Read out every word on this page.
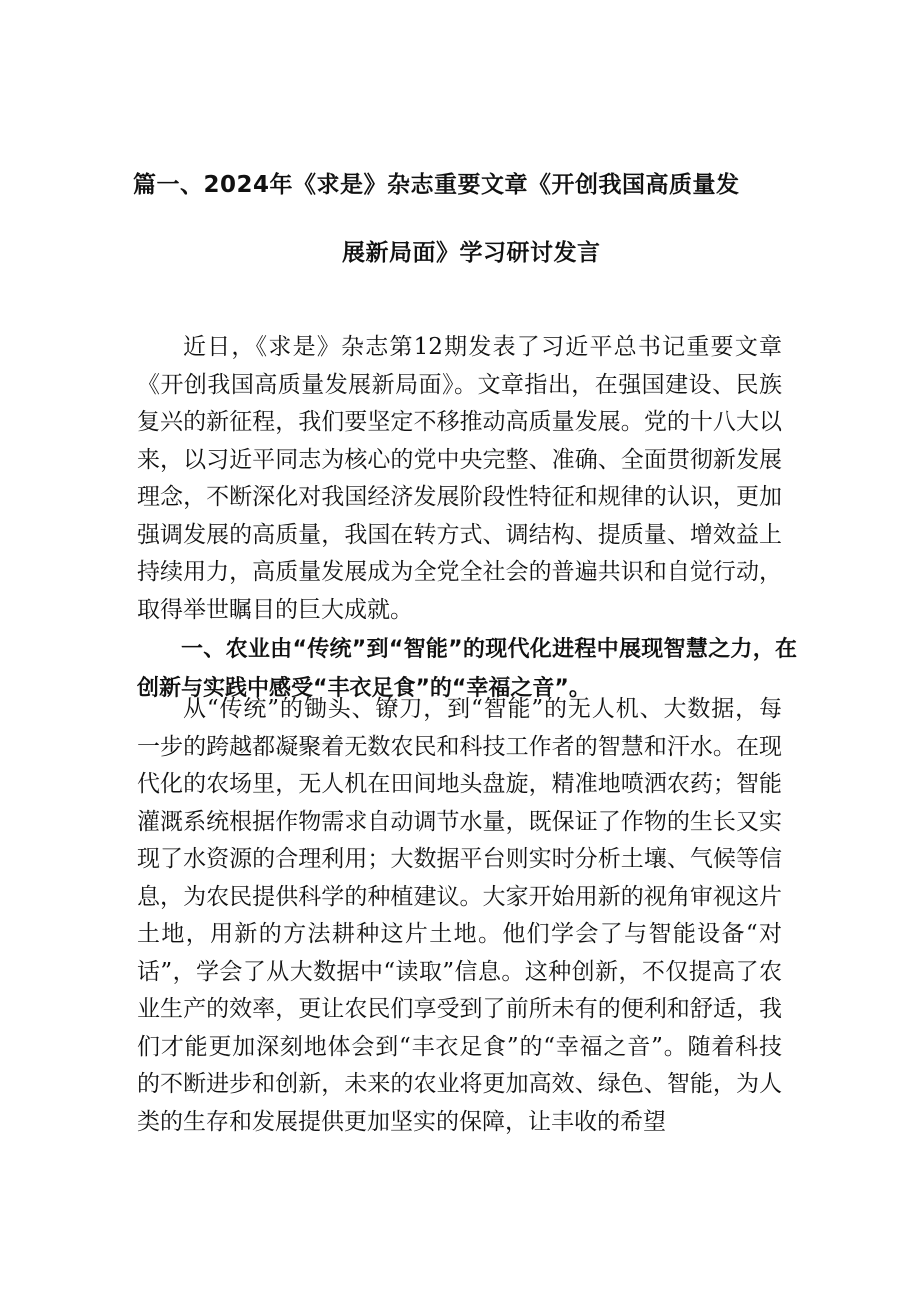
篇一、2024年《求是》杂志重要文章《开创我国高质量发
展新局面》学习研讨发言

近日，《求是》杂志第12期发表了习近平总书记重要文章《开创我国高质量发展新局面》。文章指出，在强国建设、民族复兴的新征程，我们要坚定不移推动高质量发展。党的十八大以来，以习近平同志为核心的党中央完整、准确、全面贯彻新发展理念，不断深化对我国经济发展阶段性特征和规律的认识，更加强调发展的高质量，我国在转方式、调结构、提质量、增效益上持续用力，高质量发展成为全党全社会的普遍共识和自觉行动，取得举世瞩目的巨大成就。

一、农业由“传统”到“智能”的现代化进程中展现智慧之力，在创新与实践中感受“丰衣足食”的“幸福之音”。

从“传统”的锄头、镣刀，到“智能”的无人机、大数据，每一步的跨越都凝聚着无数农民和科技工作者的智慧和汗水。在现代化的农场里，无人机在田间地头盘旋，精准地喷洒农药；智能灌溉系统根据作物需求自动调节水量，既保证了作物的生长又实现了水资源的合理利用；大数据平台则实时分析土壤、气候等信息，为农民提供科学的种植建议。大家开始用新的视角审视这片土地，用新的方法耕种这片土地。他们学会了与智能设备“对话”，学会了从大数据中“读取”信息。这种创新，不仅提高了农业生产的效率，更让农民们享受到了前所未有的便利和舒适，我们才能更加深刻地体会到“丰衣足食”的“幸福之音”。随着科技的不断进步和创新，未来的农业将更加高效、绿色、智能，为人类的生存和发展提供更加坚实的保障，让丰收的希望
